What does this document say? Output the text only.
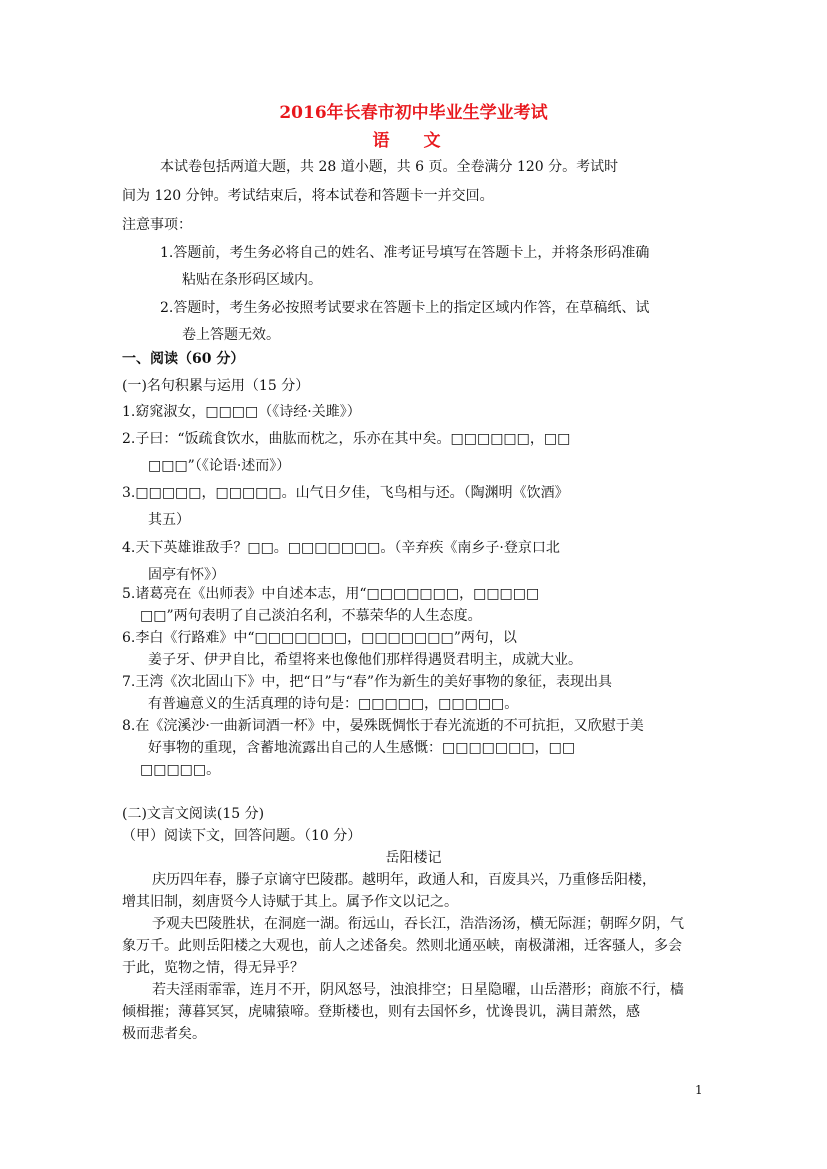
2016年长春市初中毕业生学业考试
语 文
本试卷包括两道大题，共 28 道小题，共 6 页。全卷满分 120 分。考试时
间为 120 分钟。考试结束后，将本试卷和答题卡一并交回。
注意事项：
1.答题前，考生务必将自己的姓名、准考证号填写在答题卡上，并将条形码准确
粘贴在条形码区域内。
2.答题时，考生务必按照考试要求在答题卡上的指定区域内作答，在草稿纸、试
卷上答题无效。
一、阅读（60 分）
(一)名句积累与运用（15 分）
1.窈窕淑女，□□□□（《诗经·关雎》）
2.子曰：“饭疏食饮水，曲肱而枕之，乐亦在其中矣。□□□□□□，□□
□□□”（《论语·述而》）
3.□□□□□，□□□□□。山气日夕佳，飞鸟相与还。（陶渊明《饮酒》
其五）
4.天下英雄谁敌手？□□。□□□□□□□。（辛弃疾《南乡子·登京口北
固亭有怀》）
5.诸葛亮在《出师表》中自述本志，用“□□□□□□□，□□□□□
□□”两句表明了自己淡泊名利，不慕荣华的人生态度。
6.李白《行路难》中“□□□□□□□，□□□□□□□”两句，以
姜子牙、伊尹自比，希望将来也像他们那样得遇贤君明主，成就大业。
7.王湾《次北固山下》中，把“日”与“春”作为新生的美好事物的象征，表现出具
有普遍意义的生活真理的诗句是：□□□□□，□□□□□。
8.在《浣溪沙·一曲新词酒一杯》中，晏殊既惆怅于春光流逝的不可抗拒，又欣慰于美
好事物的重现，含蓄地流露出自己的人生感慨：□□□□□□□，□□
□□□□□。
(二)文言文阅读(15 分)
（甲）阅读下文，回答问题。（10 分）
岳阳楼记
庆历四年春，滕子京谪守巴陵郡。越明年，政通人和，百废具兴，乃重修岳阳楼，
增其旧制，刻唐贤今人诗赋于其上。属予作文以记之。
予观夫巴陵胜状，在洞庭一湖。衔远山，吞长江，浩浩汤汤，横无际涯；朝晖夕阴，气
象万千。此则岳阳楼之大观也，前人之述备矣。然则北通巫峡，南极潇湘，迁客骚人，多会
于此，览物之情，得无异乎？
若夫淫雨霏霏，连月不开，阴风怒号，浊浪排空；日星隐曜，山岳潜形；商旅不行，樯
倾楫摧；薄暮冥冥，虎啸猿啼。登斯楼也，则有去国怀乡，忧谗畏讥，满目萧然，感
极而悲者矣。
1
